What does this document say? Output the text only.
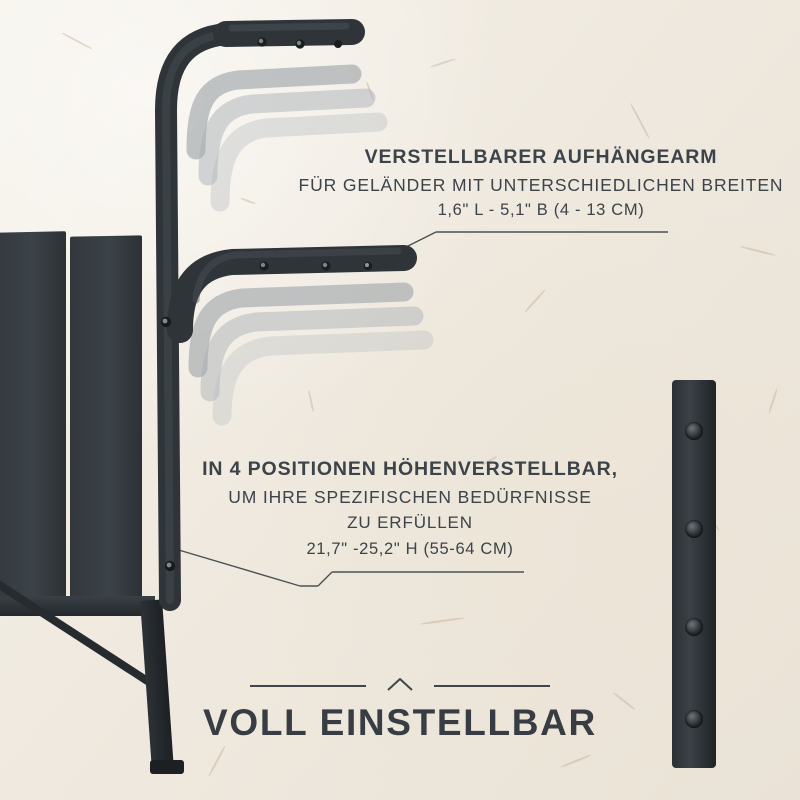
VERSTELLBARER AUFHÄNGEARM
FÜR GELÄNDER MIT UNTERSCHIEDLICHEN BREITEN
1,6" L - 5,1" B (4 - 13 CM)
IN 4 POSITIONEN HÖHENVERSTELLBAR,
UM IHRE SPEZIFISCHEN BEDÜRFNISSE
ZU ERFÜLLEN
21,7" -25,2" H (55-64 CM)
VOLL EINSTELLBAR
